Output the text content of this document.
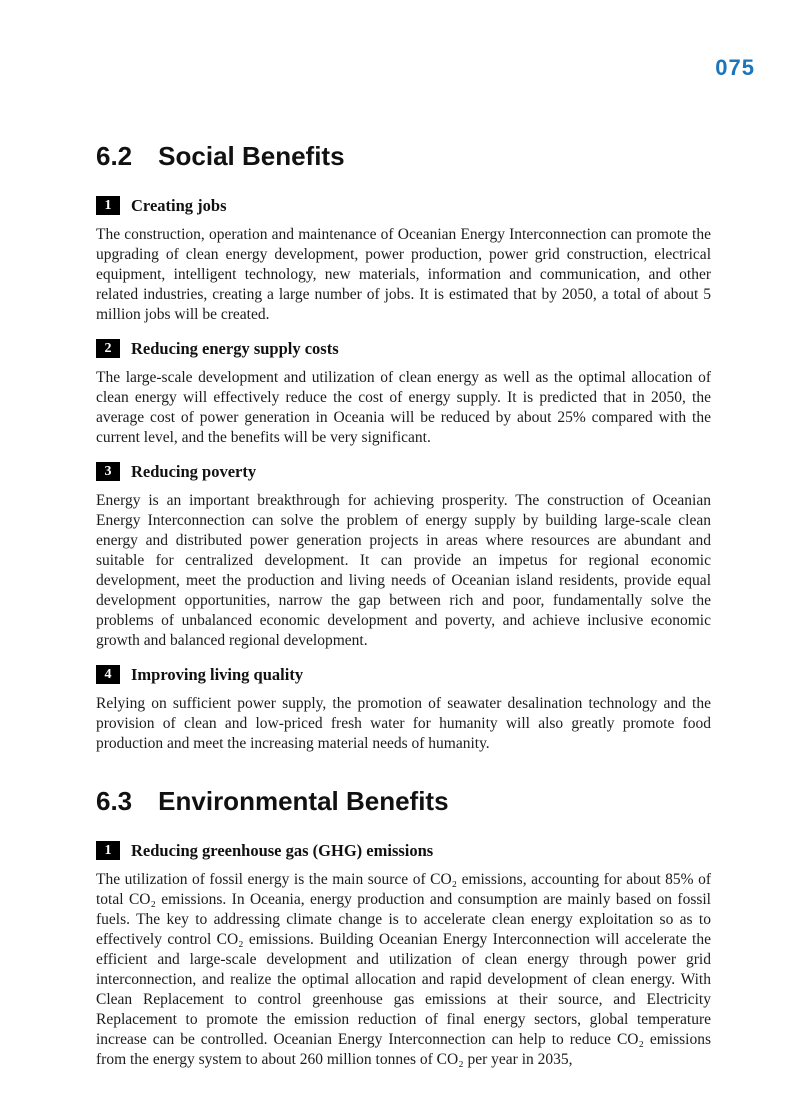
075
6.2 Social Benefits
1	Creating jobs

The construction, operation and maintenance of Oceanian Energy Interconnection can promote the upgrading of clean energy development, power production, power grid construction, electrical equipment, intelligent technology, new materials, information and communication, and other related industries, creating a large number of jobs. It is estimated that by 2050, a total of about 5 million jobs will be created.

2	Reducing energy supply costs

The large-scale development and utilization of clean energy as well as the optimal allocation of clean energy will effectively reduce the cost of energy supply. It is predicted that in 2050, the average cost of power generation in Oceania will be reduced by about 25% compared with the current level, and the benefits will be very significant.

3	Reducing poverty

Energy is an important breakthrough for achieving prosperity. The construction of Oceanian Energy Interconnection can solve the problem of energy supply by building large-scale clean energy and distributed power generation projects in areas where resources are abundant and suitable for centralized development. It can provide an impetus for regional economic development, meet the production and living needs of Oceanian island residents, provide equal development opportunities, narrow the gap between rich and poor, fundamentally solve the problems of unbalanced economic development and poverty, and achieve inclusive economic growth and balanced regional development.

4	Improving living quality

Relying on sufficient power supply, the promotion of seawater desalination technology and the provision of clean and low-priced fresh water for humanity will also greatly promote food production and meet the increasing material needs of humanity.

6.3 Environmental Benefits
1	Reducing greenhouse gas (GHG) emissions

The utilization of fossil energy is the main source of CO₂ emissions, accounting for about 85% of total CO₂ emissions. In Oceania, energy production and consumption are mainly based on fossil fuels. The key to addressing climate change is to accelerate clean energy exploitation so as to effectively control CO₂ emissions. Building Oceanian Energy Interconnection will accelerate the efficient and large-scale development and utilization of clean energy through power grid interconnection, and realize the optimal allocation and rapid development of clean energy. With Clean Replacement to control greenhouse gas emissions at their source, and Electricity Replacement to promote the emission reduction of final energy sectors, global temperature increase can be controlled. Oceanian Energy Interconnection can help to reduce CO₂ emissions from the energy system to about 260 million tonnes of CO₂ per year in 2035,
